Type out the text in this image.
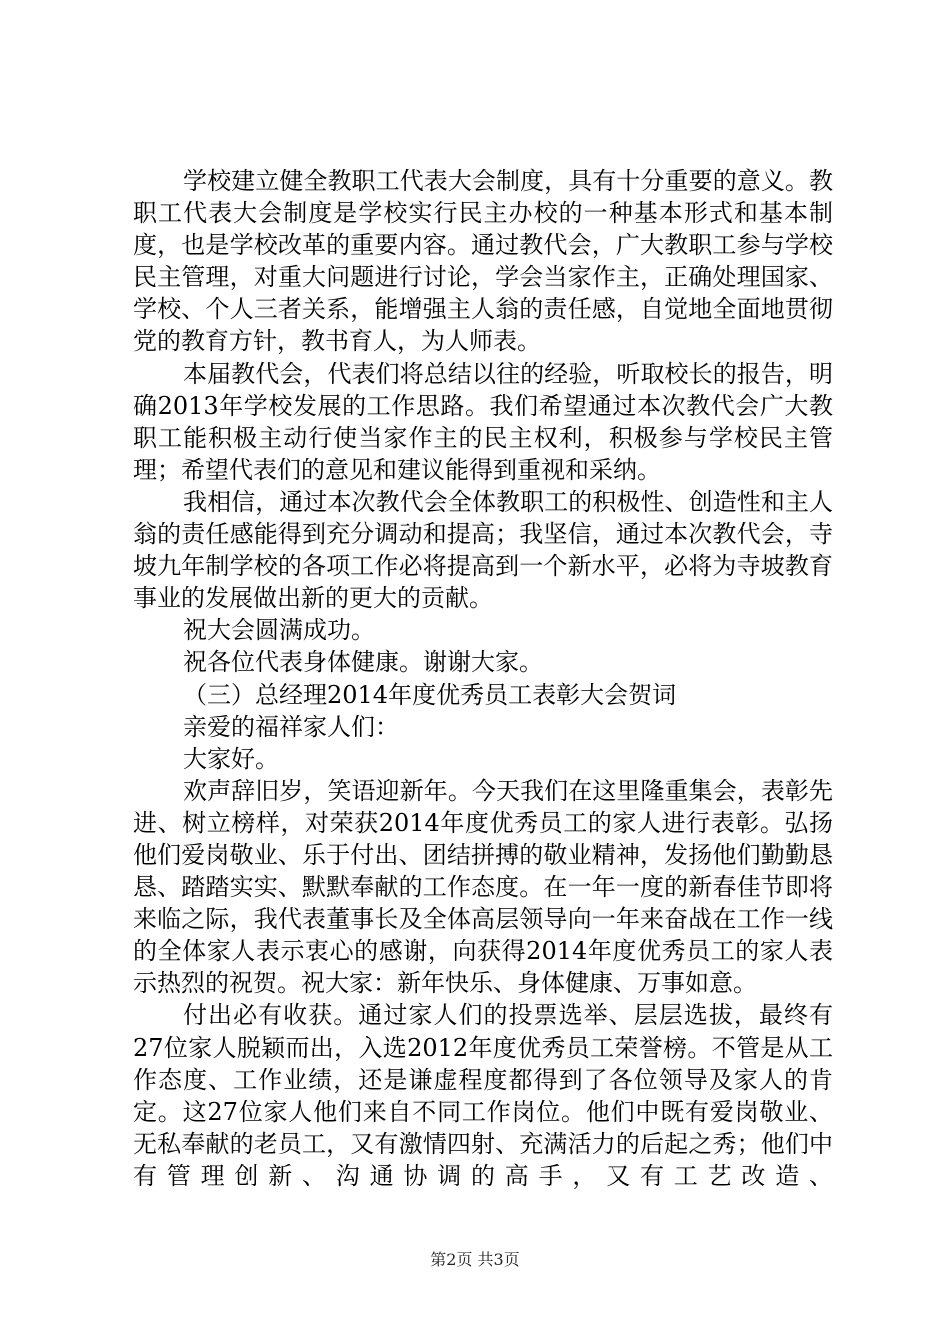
学校建立健全教职工代表大会制度，具有十分重要的意义。教职工代表大会制度是学校实行民主办校的一种基本形式和基本制度，也是学校改革的重要内容。通过教代会，广大教职工参与学校民主管理，对重大问题进行讨论，学会当家作主，正确处理国家、学校、个人三者关系，能增强主人翁的责任感，自觉地全面地贯彻党的教育方针，教书育人，为人师表。

本届教代会，代表们将总结以往的经验，听取校长的报告，明确2013年学校发展的工作思路。我们希望通过本次教代会广大教职工能积极主动行使当家作主的民主权利，积极参与学校民主管理；希望代表们的意见和建议能得到重视和采纳。

我相信，通过本次教代会全体教职工的积极性、创造性和主人翁的责任感能得到充分调动和提高；我坚信，通过本次教代会，寺坡九年制学校的各项工作必将提高到一个新水平，必将为寺坡教育事业的发展做出新的更大的贡献。

祝大会圆满成功。

祝各位代表身体健康。谢谢大家。

（三）总经理2014年度优秀员工表彰大会贺词

亲爱的福祥家人们：

大家好。

欢声辞旧岁，笑语迎新年。今天我们在这里隆重集会，表彰先进、树立榜样，对荣获2014年度优秀员工的家人进行表彰。弘扬他们爱岗敬业、乐于付出、团结拼搏的敬业精神，发扬他们勤勤恳恳、踏踏实实、默默奉献的工作态度。在一年一度的新春佳节即将来临之际，我代表董事长及全体高层领导向一年来奋战在工作一线的全体家人表示衷心的感谢，向获得2014年度优秀员工的家人表示热烈的祝贺。祝大家：新年快乐、身体健康、万事如意。

付出必有收获。通过家人们的投票选举、层层选拔，最终有27位家人脱颖而出，入选2012年度优秀员工荣誉榜。不管是从工作态度、工作业绩，还是谦虚程度都得到了各位领导及家人的肯定。这27位家人他们来自不同工作岗位。他们中既有爱岗敬业、无私奉献的老员工，又有激情四射、充满活力的后起之秀；他们中有管理创新、沟通协调的高手，又有工艺改造、

第2页 共3页
